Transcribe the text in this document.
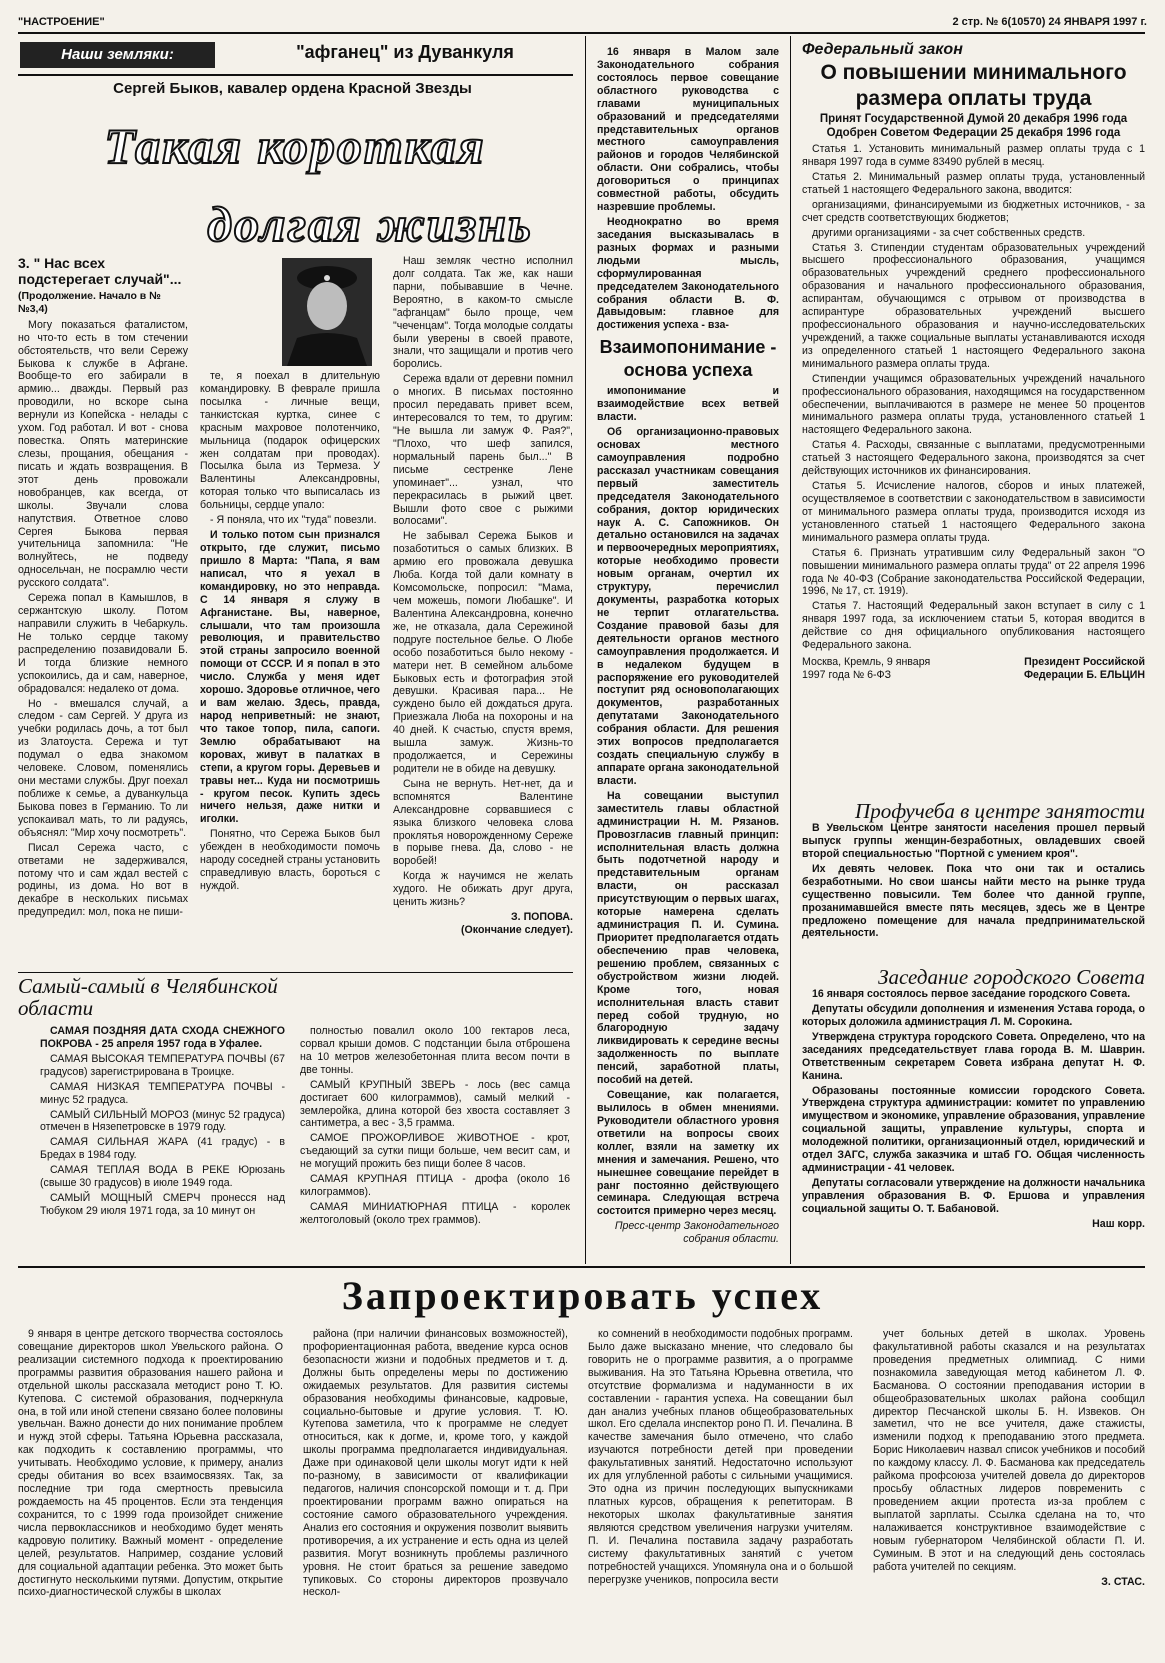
"НАСТРОЕНИЕ"	2 стр. № 6(10570) 24 ЯНВАРЯ 1997 г.
Наши земляки:	"афганец" из Дуванкуля
Сергей Быков, кавалер ордена Красной Звезды
Такая короткая
долгая жизнь
3. " Нас всех подстерегает случай"...
(Продолжение. Начало в №№3,4)

Могу показаться фаталистом, но что-то есть в том стечении обстоятельств, что вели Сережу Быкова к службе в Афгане. Вообще-то его забирали в армию... дважды. Первый раз проводили, но вскоре сына вернули из Копейска - нелады с ухом. Год работал. И вот - снова повестка. Опять материнские слезы, прощания, обещания - писать и ждать возвращения. В этот день провожали новобранцев, как всегда, от школы. Звучали слова напутствия. Ответное слово Сергея Быкова первая учительница запомнила: "Не волнуйтесь, не подведу односельчан, не посрамлю чести русского солдата".

Сережа попал в Камышлов, в сержантскую школу. Потом направили служить в Чебаркуль. Не только сердце такому распределению позавидовали Б. И тогда близкие немного успокоились, да и сам, наверное, обрадовался: недалеко от дома.

Но - вмешался случай, а следом - сам Сергей. У друга из учебки родилась дочь, а тот был из Златоуста. Сережа и тут подумал о едва знакомом человеке. Словом, поменялись они местами службы. Друг поехал поближе к семье, а дуванкульца Быкова повез в Германию. То ли успокаивал мать, то ли радуясь, объяснял: "Мир хочу посмотреть".

Писал Сережа часто, с ответами не задерживался, потому что и сам ждал вестей с родины, из дома. Но вот в декабре в нескольких письмах предупредил: мол, пока не пиши-

те, я поехал в длительную командировку. В феврале пришла посылка - личные вещи, танкистская куртка, синее с красным махровое полотенчико, мыльница (подарок офицерских жен солдатам при проводах). Посылка была из Термеза. У Валентины Александровны, которая только что выписалась из больницы, сердце упало:

- Я поняла, что их "туда" повезли.

И только потом сын признался открыто, где служит, письмо пришло 8 Марта: "Папа, я вам написал, что я уехал в командировку, но это неправда. С 14 января я служу в Афганистане. Вы, наверное, слышали, что там произошла революция, и правительство этой страны запросило военной помощи от СССР. И я попал в это число. Служба у меня идет хорошо. Здоровье отличное, чего и вам желаю. Здесь, правда, народ неприветный: не знают, что такое топор, пила, сапоги. Землю обрабатывают на коровах, живут в палатках в степи, а кругом горы. Деревьев и травы нет... Куда ни посмотришь - кругом песок. Купить здесь ничего нельзя, даже нитки и иголки.

Понятно, что Сережа Быков был убежден в необходимости помочь народу соседней страны установить справедливую власть, бороться с нуждой.

Наш земляк честно исполнил долг солдата. Так же, как наши парни, побывавшие в Чечне. Вероятно, в каком-то смысле "афганцам" было проще, чем "чеченцам". Тогда молодые солдаты были уверены в своей правоте, знали, что защищали и против чего боролись.

Сережа вдали от деревни помнил о многих. В письмах постоянно просил передавать привет всем, интересовался то тем, то другим: "Не вышла ли замуж Ф. Рая?", "Плохо, что шеф запился, нормальный парень был..." В письме сестренке Лене упоминает"... узнал, что перекрасилась в рыжий цвет. Вышли фото свое с рыжими волосами".

Не забывал Сережа Быков и позаботиться о самых близких. В армию его провожала девушка Люба. Когда той дали комнату в Комсомольске, попросил: "Мама, чем можешь, помоги Любашке". И Валентина Александровна, конечно же, не отказала, дала Сережиной подруге постельное белье. О Любе особо позаботиться было некому - матери нет. В семейном альбоме Быковых есть и фотография этой девушки. Красивая пара... Не суждено было ей дождаться друга. Приезжала Люба на похороны и на 40 дней. К счастью, спустя время, вышла замуж. Жизнь-то продолжается, и Сережины родители не в обиде на девушку.

Сына не вернуть. Нет-нет, да и вспомнятся Валентине Александровне сорвавшиеся с языка близкого человека слова проклятья новорожденному Сереже в порыве гнева. Да, слово - не воробей!

Когда ж научимся не желать худого. Не обижать друг друга, ценить жизнь?

З. ПОПОВА.
(Окончание следует).
Самый-самый в Челябинской области

САМАЯ ПОЗДНЯЯ ДАТА СХОДА СНЕЖНОГО ПОКРОВА - 25 апреля 1957 года в Уфалее.

САМАЯ ВЫСОКАЯ ТЕМПЕРАТУРА ПОЧВЫ (67 градусов) зарегистрирована в Троицке.

САМАЯ НИЗКАЯ ТЕМПЕРАТУРА ПОЧВЫ - минус 52 градуса.

САМЫЙ СИЛЬНЫЙ МОРОЗ (минус 52 градуса) отмечен в Нязепетровске в 1979 году.

САМАЯ СИЛЬНАЯ ЖАРА (41 градус) - в Бредах в 1984 году.

САМАЯ ТЕПЛАЯ ВОДА В РЕКЕ Юрюзань (свыше 30 градусов) в июле 1949 года.

САМЫЙ МОЩНЫЙ СМЕРЧ пронесся над Тюбуком 29 июля 1971 года, за 10 минут он

полностью повалил около 100 гектаров леса, сорвал крыши домов. С подстанции была отброшена на 10 метров железобетонная плита весом почти в две тонны.

САМЫЙ КРУПНЫЙ ЗВЕРЬ - лось (вес самца достигает 600 килограммов), самый мелкий - землеройка, длина которой без хвоста составляет 3 сантиметра, а вес - 3,5 грамма.

САМОЕ ПРОЖОРЛИВОЕ ЖИВОТНОЕ - крот, съедающий за сутки пищи больше, чем весит сам, и не могущий прожить без пищи более 8 часов.

САМАЯ КРУПНАЯ ПТИЦА - дрофа (около 16 килограммов).

САМАЯ МИНИАТЮРНАЯ ПТИЦА - королек желтоголовый (около трех граммов).

16 января в Малом зале Законодательного собрания состоялось первое совещание областного руководства с главами муниципальных образований и председателями представительных органов местного самоуправления районов и городов Челябинской области. Они собрались, чтобы договориться о принципах совместной работы, обсудить назревшие проблемы.

Неоднократно во время заседания высказывалась в разных формах и разными людьми мысль, сформулированная председателем Законодательного собрания области В. Ф. Давыдовым: главное для достижения успеха - вза-

Взаимопонимание - основа успеха

имопонимание и взаимодействие всех ветвей власти.

Об организационно-правовых основах местного самоуправления подробно рассказал участникам совещания первый заместитель председателя Законодательного собрания, доктор юридических наук А. С. Сапожников. Он детально остановился на задачах и первоочередных мероприятиях, которые необходимо провести новым органам, очертил их структуру, перечислил документы, разработка которых не терпит отлагательства. Создание правовой базы для деятельности органов местного самоуправления продолжается. И в недалеком будущем в распоряжение его руководителей поступит ряд основополагающих документов, разработанных депутатами Законодательного собрания области. Для решения этих вопросов предполагается создать специальную службу в аппарате органа законодательной власти.

На совещании выступил заместитель главы областной администрации Н. М. Рязанов. Провозгласив главный принцип: исполнительная власть должна быть подотчетной народу и представительным органам власти, он рассказал присутствующим о первых шагах, которые намерена сделать администрация П. И. Сумина. Приоритет предполагается отдать обеспечению прав человека, решению проблем, связанных с обустройством жизни людей. Кроме того, новая исполнительная власть ставит перед собой трудную, но благородную задачу ликвидировать к середине весны задолженность по выплате пенсий, заработной платы, пособий на детей.

Совещание, как полагается, вылилось в обмен мнениями. Руководители областного уровня ответили на вопросы своих коллег, взяли на заметку их мнения и замечания. Решено, что нынешнее совещание перейдет в ранг постоянно действующего семинара. Следующая встреча состоится примерно через месяц.

Пресс-центр Законодательного собрания области.
Федеральный закон
О повышении минимального размера оплаты труда
Принят Государственной Думой 20 декабря 1996 года
Одобрен Советом Федерации 25 декабря 1996 года

Статья 1. Установить минимальный размер оплаты труда с 1 января 1997 года в сумме 83490 рублей в месяц.

Статья 2. Минимальный размер оплаты труда, установленный статьей 1 настоящего Федерального закона, вводится:

организациями, финансируемыми из бюджетных источников, - за счет средств соответствующих бюджетов;

другими организациями - за счет собственных средств.

Статья 3. Стипендии студентам образовательных учреждений высшего профессионального образования, учащимся образовательных учреждений среднего профессионального образования и начального профессионального образования, аспирантам, обучающимся с отрывом от производства в аспирантуре образовательных учреждений высшего профессионального образования и научно-исследовательских учреждений, а также социальные выплаты устанавливаются исходя из определенного статьей 1 настоящего Федерального закона минимального размера оплаты труда.

Стипендии учащимся образовательных учреждений начального профессионального образования, находящимся на государственном обеспечении, выплачиваются в размере не менее 50 процентов минимального размера оплаты труда, установленного статьей 1 настоящего Федерального закона.

Статья 4. Расходы, связанные с выплатами, предусмотренными статьей 3 настоящего Федерального закона, производятся за счет действующих источников их финансирования.

Статья 5. Исчисление налогов, сборов и иных платежей, осуществляемое в соответствии с законодательством в зависимости от минимального размера оплаты труда, производится исходя из установленного статьей 1 настоящего Федерального закона минимального размера оплаты труда.

Статья 6. Признать утратившим силу Федеральный закон "О повышении минимального размера оплаты труда" от 22 апреля 1996 года № 40-ФЗ (Собрание законодательства Российской Федерации, 1996, № 17, ст. 1919).

Статья 7. Настоящий Федеральный закон вступает в силу с 1 января 1997 года, за исключением статьи 5, которая вводится в действие со дня официального опубликования настоящего Федерального закона.

Москва, Кремль, 9 января 1997 года № 6-ФЗ
Президент Российской Федерации Б. ЕЛЬЦИН
Профучеба в центре занятости

В Увельском Центре занятости населения прошел первый выпуск группы женщин-безработных, овладевших своей второй специальностью "Портной с умением кроя".

Их девять человек. Пока что они так и остались безработными. Но свои шансы найти место на рынке труда существенно повысили. Тем более что данной группе, прозанимавшейся вместе пять месяцев, здесь же в Центре предложено помещение для начала предпринимательской деятельности.

Заседание городского Совета

16 января состоялось первое заседание городского Совета.

Депутаты обсудили дополнения и изменения Устава города, о которых доложила администрация Л. М. Сорокина.

Утверждена структура городского Совета. Определено, что на заседаниях председательствует глава города В. М. Шаврин. Ответственным секретарем Совета избрана депутат Н. Ф. Канина.

Образованы постоянные комиссии городского Совета. Утверждена структура администрации: комитет по управлению имуществом и экономике, управление образования, управление социальной защиты, управление культуры, спорта и молодежной политики, организационный отдел, юридический и отдел ЗАГС, служба заказчика и штаб ГО. Общая численность администрации - 41 человек.

Депутаты согласовали утверждение на должности начальника управления образования В. Ф. Ершова и управления социальной защиты О. Т. Бабановой.

Наш корр.
Запроектировать успех

9 января в центре детского творчества состоялось совещание директоров школ Увельского района. О реализации системного подхода к проектированию программы развития образования нашего района и отдельной школы рассказала методист роно Т. Ю. Кутепова. С системой образования, подчеркнула она, в той или иной степени связано более половины увельчан. Важно донести до них понимание проблем и нужд этой сферы. Татьяна Юрьевна рассказала, как подходить к составлению программы, что учитывать. Необходимо условие, к примеру, анализ среды обитания во всех взаимосвязях. Так, за последние три года смертность превысила рождаемость на 45 процентов. Если эта тенденция сохранится, то с 1999 года произойдет снижение числа первоклассников и необходимо будет менять кадровую политику. Важный момент - определение целей, результатов. Например, создание условий для социальной адаптации ребенка. Это может быть достигнуто несколькими путями. Допустим, открытие психо-диагностической службы в школах

района (при наличии финансовых возможностей), профориентационная работа, введение курса основ безопасности жизни и подобных предметов и т. д. Должны быть определены меры по достижению ожидаемых результатов. Для развития системы образования необходимы финансовые, кадровые, социально-бытовые и другие условия. Т. Ю. Кутепова заметила, что к программе не следует относиться, как к догме, и, кроме того, у каждой школы программа предполагается индивидуальная. Даже при одинаковой цели школы могут идти к ней по-разному, в зависимости от квалификации педагогов, наличия спонсорской помощи и т. д. При проектировании программ важно опираться на состояние самого образовательного учреждения. Анализ его состояния и окружения позволит выявить противоречия, а их устранение и есть одна из целей развития. Могут возникнуть проблемы различного уровня. Не стоит браться за решение заведомо тупиковых. Со стороны директоров прозвучало нескол-

ко сомнений в необходимости подобных программ. Было даже высказано мнение, что следовало бы говорить не о программе развития, а о программе выживания. На это Татьяна Юрьевна ответила, что отсутствие формализма и надуманности в их составлении - гарантия успеха. На совещании был дан анализ учебных планов общеобразовательных школ. Его сделала инспектор роно П. И. Печалина. В качестве замечания было отмечено, что слабо изучаются потребности детей при проведении факультативных занятий. Недостаточно используют их для углубленной работы с сильными учащимися. Это одна из причин последующих выпускниками платных курсов, обращения к репетиторам. В некоторых школах факультативные занятия являются средством увеличения нагрузки учителям. П. И. Печалина поставила задачу разработать систему факультативных занятий с учетом потребностей учащихся. Упомянула она и о большой перегрузке учеников, попросила вести

учет больных детей в школах. Уровень факультативной работы сказался и на результатах проведения предметных олимпиад. С ними познакомила заведующая метод кабинетом Л. Ф. Басманова. О состоянии преподавания истории в общеобразовательных школах района сообщил директор Песчанской школы Б. Н. Извеков. Он заметил, что не все учителя, даже стажисты, изменили подход к преподаванию этого предмета. Борис Николаевич назвал список учебников и пособий по каждому классу. Л. Ф. Басманова как председатель райкома профсоюза учителей довела до директоров просьбу областных лидеров повременить с проведением акции протеста из-за проблем с выплатой зарплаты. Ссылка сделана на то, что налаживается конструктивное взаимодействие с новым губернатором Челябинской области П. И. Суминым. В этот и на следующий день состоялась работа учителей по секциям.

З. СТАС.
